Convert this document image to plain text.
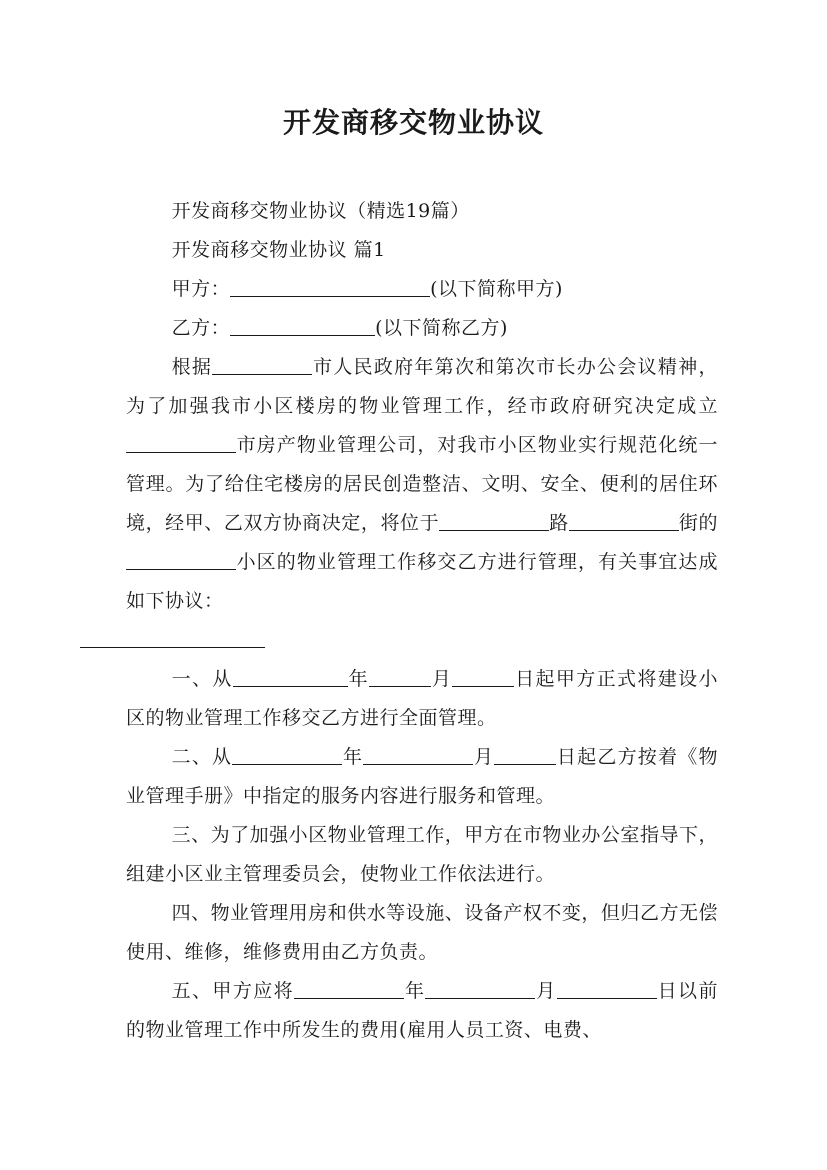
开发商移交物业协议

开发商移交物业协议（精选19篇）

开发商移交物业协议 篇1

甲方：	(以下简称甲方)

乙方：	(以下简称乙方)

根据	市人民政府年第次和第次市长办公会议精神，为了加强我市小区楼房的物业管理工作，经市政府研究决定成立市房产物业管理公司，对我市小区物业实行规范化统一管理。为了给住宅楼房的居民创造整洁、文明、安全、便利的居住环境，经甲、乙双方协商决定，将位于	路	街的小区的物业管理工作移交乙方进行管理，有关事宜达成如下协议：

一、从	年	月	日起甲方正式将建设小区的物业管理工作移交乙方进行全面管理。

二、从	年	月	日起乙方按着《物业管理手册》中指定的服务内容进行服务和管理。

三、为了加强小区物业管理工作，甲方在市物业办公室指导下，组建小区业主管理委员会，使物业工作依法进行。

四、物业管理用房和供水等设施、设备产权不变，但归乙方无偿使用、维修，维修费用由乙方负责。

五、甲方应将	年	月	日以前的物业管理工作中所发生的费用(雇用人员工资、电费、
